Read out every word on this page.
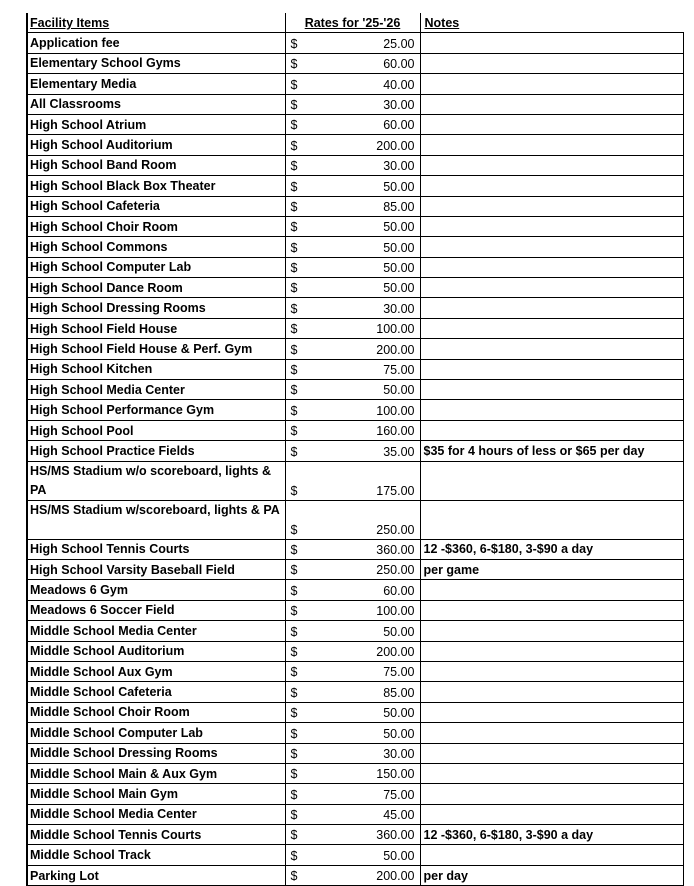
Facility Items	Rates for '25-'26	Notes
Application fee	$ 25.00	

Elementary School Gyms	$ 60.00	

Elementary Media	$ 40.00	

All Classrooms	$ 30.00	

High School Atrium	$ 60.00	

High School Auditorium	$ 200.00	

High School Band Room	$ 30.00	

High School Black Box Theater	$ 50.00	

High School Cafeteria	$ 85.00	

High School Choir Room	$ 50.00	

High School Commons	$ 50.00	

High School Computer Lab	$ 50.00	

High School Dance Room	$ 50.00	

High School Dressing Rooms	$ 30.00	

High School Field House	$ 100.00	

High School Field House & Perf. Gym	$ 200.00	

High School Kitchen	$ 75.00	

High School Media Center	$ 50.00	

High School Performance Gym	$ 100.00	

High School Pool	$ 160.00	

High School Practice Fields	$ 35.00	$35 for 4 hours of less or $65 per day
HS/MS Stadium w/o scoreboard, lights & PA	$ 175.00	

HS/MS Stadium w/scoreboard, lights & PA	$ 250.00	

High School Tennis Courts	$ 360.00	12 -$360, 6-$180, 3-$90 a day
High School Varsity Baseball Field	$ 250.00	per game
Meadows 6 Gym	$ 60.00	

Meadows 6 Soccer Field	$ 100.00	

Middle School Media Center	$ 50.00	

Middle School Auditorium	$ 200.00	

Middle School Aux Gym	$ 75.00	

Middle School Cafeteria	$ 85.00	

Middle School Choir Room	$ 50.00	

Middle School Computer Lab	$ 50.00	

Middle School Dressing Rooms	$ 30.00	

Middle School Main & Aux Gym	$ 150.00	

Middle School Main Gym	$ 75.00	

Middle School Media Center	$ 45.00	

Middle School Tennis Courts	$ 360.00	12 -$360, 6-$180, 3-$90 a day
Middle School Track	$ 50.00	

Parking Lot	$ 200.00	per day
